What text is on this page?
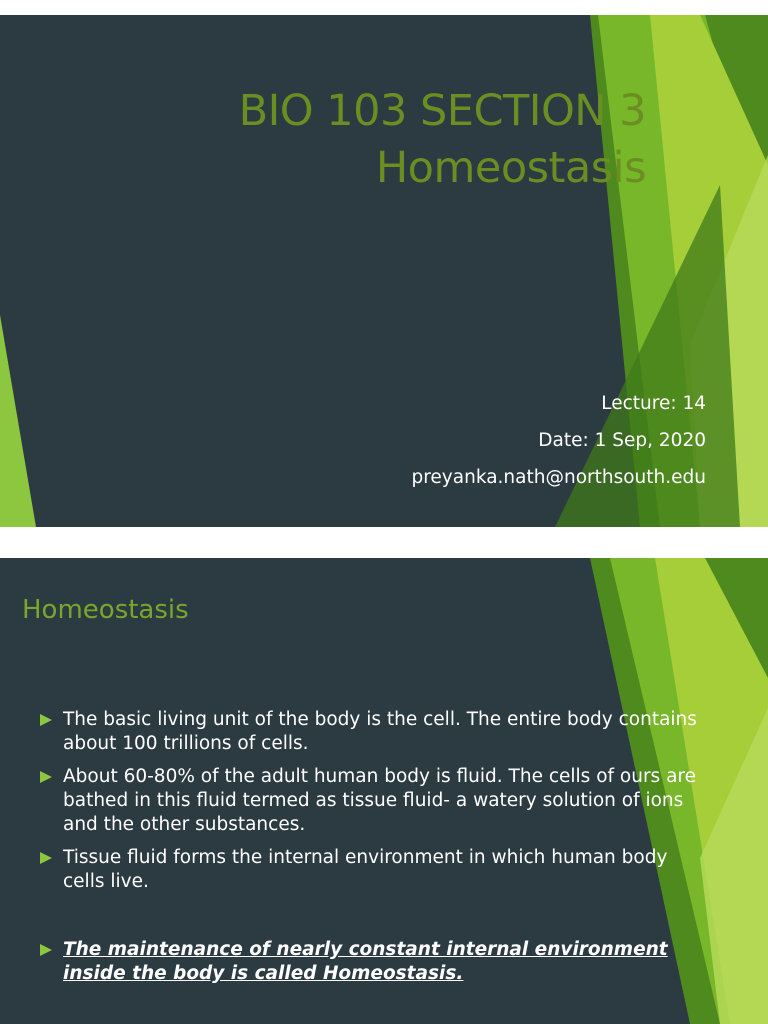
BIO 103 SECTION 3
Homeostasis
Lecture: 14
Date: 1 Sep, 2020
preyanka.nath@northsouth.edu
Homeostasis
The basic living unit of the body is the cell. The entire body contains about 100 trillions of cells.
About 60-80% of the adult human body is fluid. The cells of ours are bathed in this fluid termed as tissue fluid- a watery solution of ions and the other substances.
Tissue fluid forms the internal environment in which human body cells live.
The maintenance of nearly constant internal environment inside the body is called Homeostasis.
